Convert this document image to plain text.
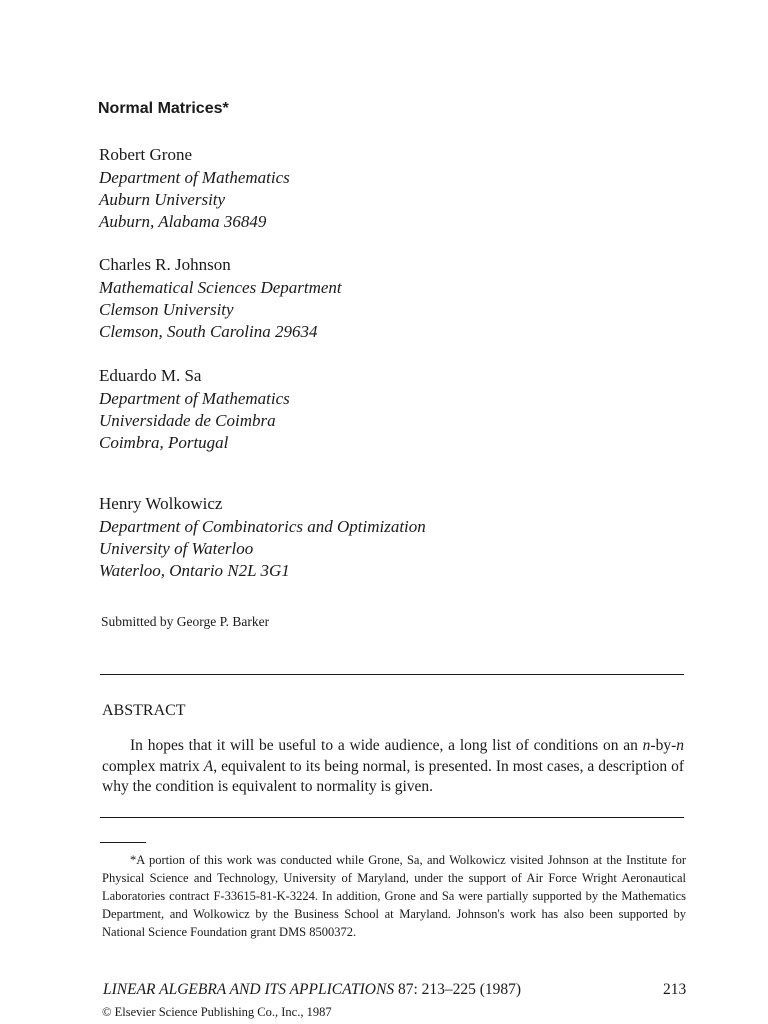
Normal Matrices*
Robert Grone
Department of Mathematics
Auburn University
Auburn, Alabama 36849
Charles R. Johnson
Mathematical Sciences Department
Clemson University
Clemson, South Carolina 29634
Eduardo M. Sa
Department of Mathematics
Universidade de Coimbra
Coimbra, Portugal
Henry Wolkowicz
Department of Combinatorics and Optimization
University of Waterloo
Waterloo, Ontario N2L 3G1
Submitted by George P. Barker
ABSTRACT
In hopes that it will be useful to a wide audience, a long list of conditions on an n-by-n complex matrix A, equivalent to its being normal, is presented. In most cases, a description of why the condition is equivalent to normality is given.
*A portion of this work was conducted while Grone, Sa, and Wolkowicz visited Johnson at the Institute for Physical Science and Technology, University of Maryland, under the support of Air Force Wright Aeronautical Laboratories contract F-33615-81-K-3224. In addition, Grone and Sa were partially supported by the Mathematics Department, and Wolkowicz by the Business School at Maryland. Johnson's work has also been supported by National Science Foundation grant DMS 8500372.
LINEAR ALGEBRA AND ITS APPLICATIONS 87: 213–225 (1987)	213
© Elsevier Science Publishing Co., Inc., 1987
